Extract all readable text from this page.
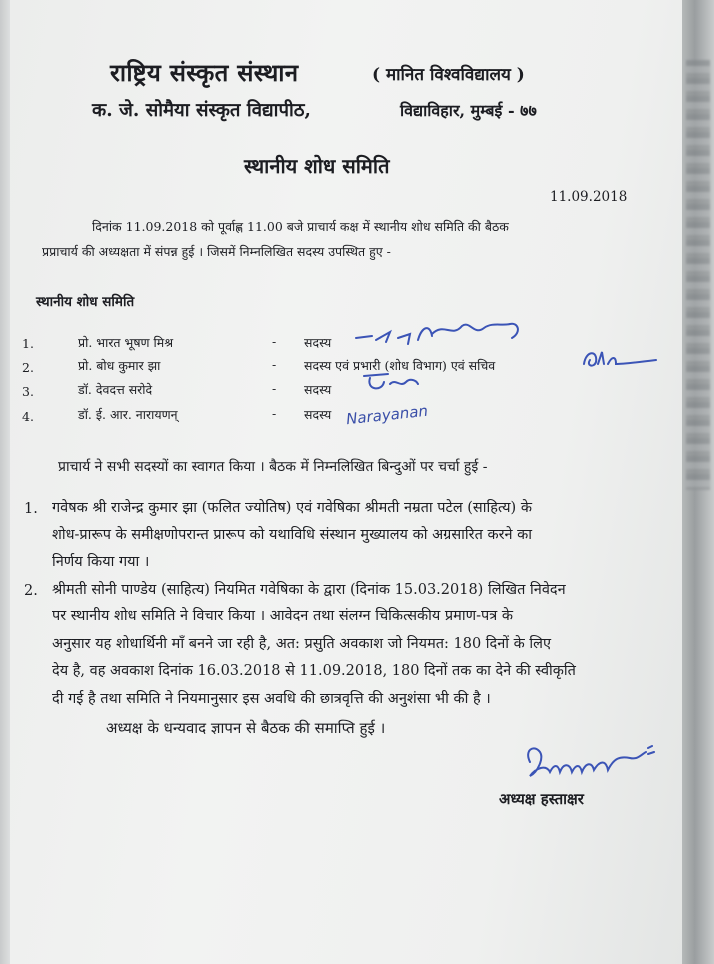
राष्ट्रिय संस्कृत संस्थान	( मानित विश्वविद्यालय )
क. जे. सोमैया संस्कृत विद्यापीठ,	विद्याविहार, मुम्बई - ७७
स्थानीय शोध समिति
11.09.2018
दिनांक 11.09.2018 को पूर्वाह्ण 11.00 बजे प्राचार्य कक्ष में स्थानीय शोध समिति की बैठक
प्रप्राचार्य की अध्यक्षता में संपन्न हुई । जिसमें निम्नलिखित सदस्य उपस्थित हुए -
स्थानीय शोध समिति
1.	प्रो. भारत भूषण मिश्र	- सदस्य
2.	प्रो. बोध कुमार झा	- सदस्य एवं प्रभारी (शोध विभाग) एवं सचिव
3.	डॉ. देवदत्त सरोदे	- सदस्य
4.	डॉ. ई. आर. नारायणन्	- सदस्य Narayanan
प्राचार्य ने सभी सदस्यों का स्वागत किया । बैठक में निम्नलिखित बिन्दुओं पर चर्चा हुई -
1. गवेषक श्री राजेन्द्र कुमार झा (फलित ज्योतिष) एवं गवेषिका श्रीमती नम्रता पटेल (साहित्य) के
शोध-प्रारूप के समीक्षणोपरान्त प्रारूप को यथाविधि संस्थान मुख्यालय को अग्रसारित करने का
निर्णय किया गया ।
2. श्रीमती सोनी पाण्डेय (साहित्य) नियमित गवेषिका के द्वारा (दिनांक 15.03.2018) लिखित निवेदन
पर स्थानीय शोध समिति ने विचार किया । आवेदन तथा संलग्न चिकित्सकीय प्रमाण-पत्र के
अनुसार यह शोधार्थिनी माँ बनने जा रही है, अत: प्रसुति अवकाश जो नियमत: 180 दिनों के लिए
देय है, वह अवकाश दिनांक 16.03.2018 से 11.09.2018, 180 दिनों तक का देने की स्वीकृति
दी गई है तथा समिति ने नियमानुसार इस अवधि की छात्रवृत्ति की अनुशंसा भी की है ।
अध्यक्ष के धन्यवाद ज्ञापन से बैठक की समाप्ति हुई ।
अध्यक्ष हस्ताक्षर
